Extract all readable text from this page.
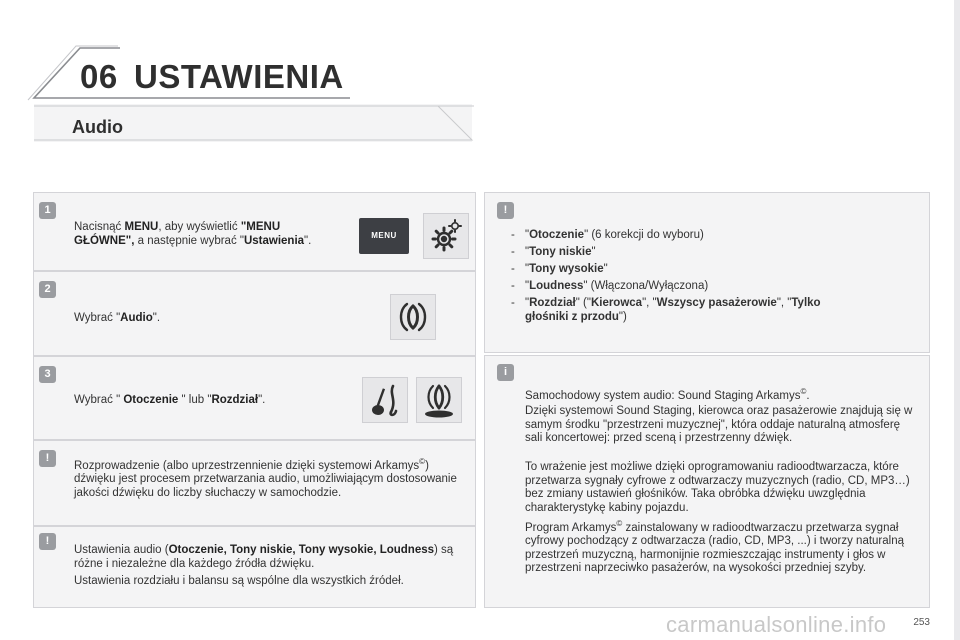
06 USTAWIENIA
Audio
1
Nacisnąć MENU, aby wyświetlić "MENU GŁÓWNE", a następnie wybrać "Ustawienia".	MENU
2
Wybrać "Audio".
3
Wybrać " Otoczenie " lub "Rozdział".
!
Rozprowadzenie (albo uprzestrzennienie dzięki systemowi Arkamys©) dźwięku jest procesem przetwarzania audio, umożliwiającym dostosowanie jakości dźwięku do liczby słuchaczy w samochodzie.
!
Ustawienia audio (Otoczenie, Tony niskie, Tony wysokie, Loudness) są różne i niezależne dla każdego źródła dźwięku.
Ustawienia rozdziału i balansu są wspólne dla wszystkich źródeł.
!
- "Otoczenie" (6 korekcji do wyboru)
- "Tony niskie"
- "Tony wysokie"
- "Loudness" (Włączona/Wyłączona)
- "Rozdział" ("Kierowca", "Wszyscy pasażerowie", "Tylko głośniki z przodu")
i
Samochodowy system audio: Sound Staging Arkamys©.
Dzięki systemowi Sound Staging, kierowca oraz pasażerowie znajdują się w samym środku "przestrzeni muzycznej", która oddaje naturalną atmosferę sali koncertowej: przed sceną i przestrzenny dźwięk.
To wrażenie jest możliwe dzięki oprogramowaniu radioodtwarzacza, które przetwarza sygnały cyfrowe z odtwarzaczy muzycznych (radio, CD, MP3…) bez zmiany ustawień głośników. Taka obróbka dźwięku uwzględnia charakterystykę kabiny pojazdu.
Program Arkamys© zainstalowany w radioodtwarzaczu przetwarza sygnał cyfrowy pochodzący z odtwarzacza (radio, CD, MP3, ...) i tworzy naturalną przestrzeń muzyczną, harmonijnie rozmieszczając instrumenty i głos w przestrzeni naprzeciwko pasażerów, na wysokości przedniej szyby.
carmanualsonline.info	253
